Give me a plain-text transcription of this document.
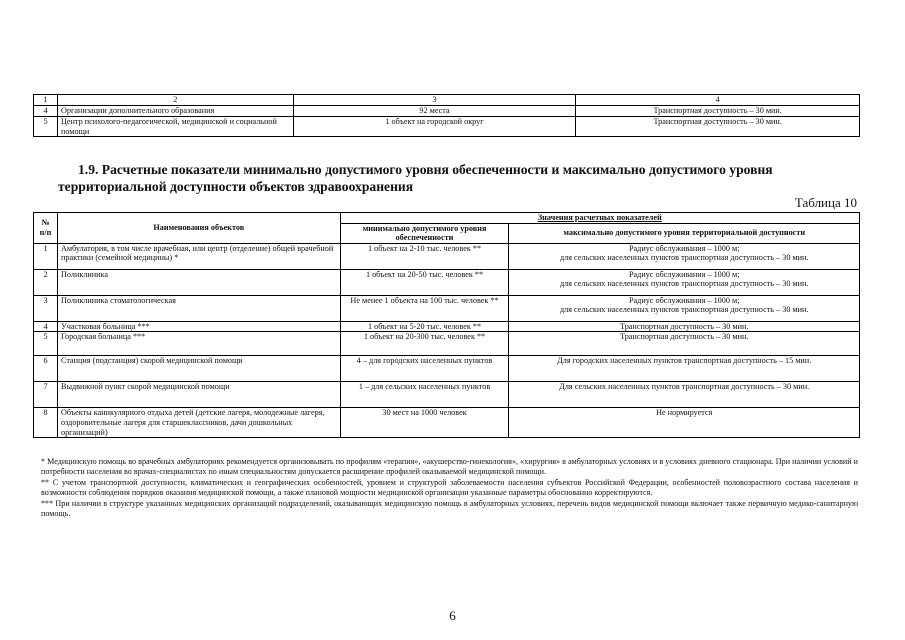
1	2	3	4
4	Организации дополнительного образования	92 места	Транспортная доступность – 30 мин.
5	Центр психолого-педагогической, медицинской и социальной помощи	1 объект на городской округ	Транспортная доступность – 30 мин.
1.9. Расчетные показатели минимально допустимого уровня обеспеченности и максимально допустимого уровня территориальной доступности объектов здравоохранения
Таблица 10
№ п/п	Наименования объектов	Значения расчетных показателей	
		минимально допустимого уровня обеспеченности	максимально допустимого уровня территориальной доступности
1	Амбулатория, в том числе врачебная, или центр (отделение) общей врачебной практики (семейной медицины) *	1 объект на 2-10 тыс. человек **	Радиус обслуживания – 1000 м;
для сельских населенных пунктов транспортная доступность – 30 мин.

2	Поликлиника	1 объект на 20-50 тыс. человек **	Радиус обслуживания – 1000 м;
для сельских населенных пунктов транспортная доступность – 30 мин.

3	Поликлиника стоматологическая	Не менее 1 объекта на 100 тыс. человек **	Радиус обслуживания – 1000 м;
для сельских населенных пунктов транспортная доступность – 30 мин.

4	Участковая больница ***	1 объект на 5-20 тыс. человек **	Транспортная доступность – 30 мин.
5	Городская больница ***	1 объект на 20-300 тыс. человек **	Транспортная доступность – 30 мин.
6	Станция (подстанция) скорой медицинской помощи	4 – для городских населенных пунктов	Для городских населенных пунктов транспортная доступность – 15 мин.
7	Выдвижной пункт скорой медицинской помощи	1 – для сельских населенных пунктов	Для сельских населенных пунктов транспортная доступность – 30 мин.
8	Объекты каникулярного отдыха детей (детские лагеря, молодежные лагеря, оздоровительные лагеря для старшеклассников, дачи дошкольных организаций)	30 мест на 1000 человек	Не нормируется

* Медицинскую помощь во врачебных амбулаториях рекомендуется организовывать по профилям «терапия», «акушерство-гинекология», «хирургия» в амбулаторных условиях и в условиях дневного стационара. При наличии условий и потребности населения во врачах-специалистах по иным специальностям допускается расширение профилей оказываемой медицинской помощи.

** С учетом транспортной доступности, климатических и географических особенностей, уровнем и структурой заболеваемости населения субъектов Российской Федерации, особенностей половозрастного состава населения и возможности соблюдения порядков оказания медицинской помощи, а также плановой мощности медицинской организации указанные параметры обоснованно корректируются.

*** При наличии в структуре указанных медицинских организаций подразделений, оказывающих медицинскую помощь в амбулаторных условиях, перечень видов медицинской помощи включает также первичную медико-санитарную помощь.

6
